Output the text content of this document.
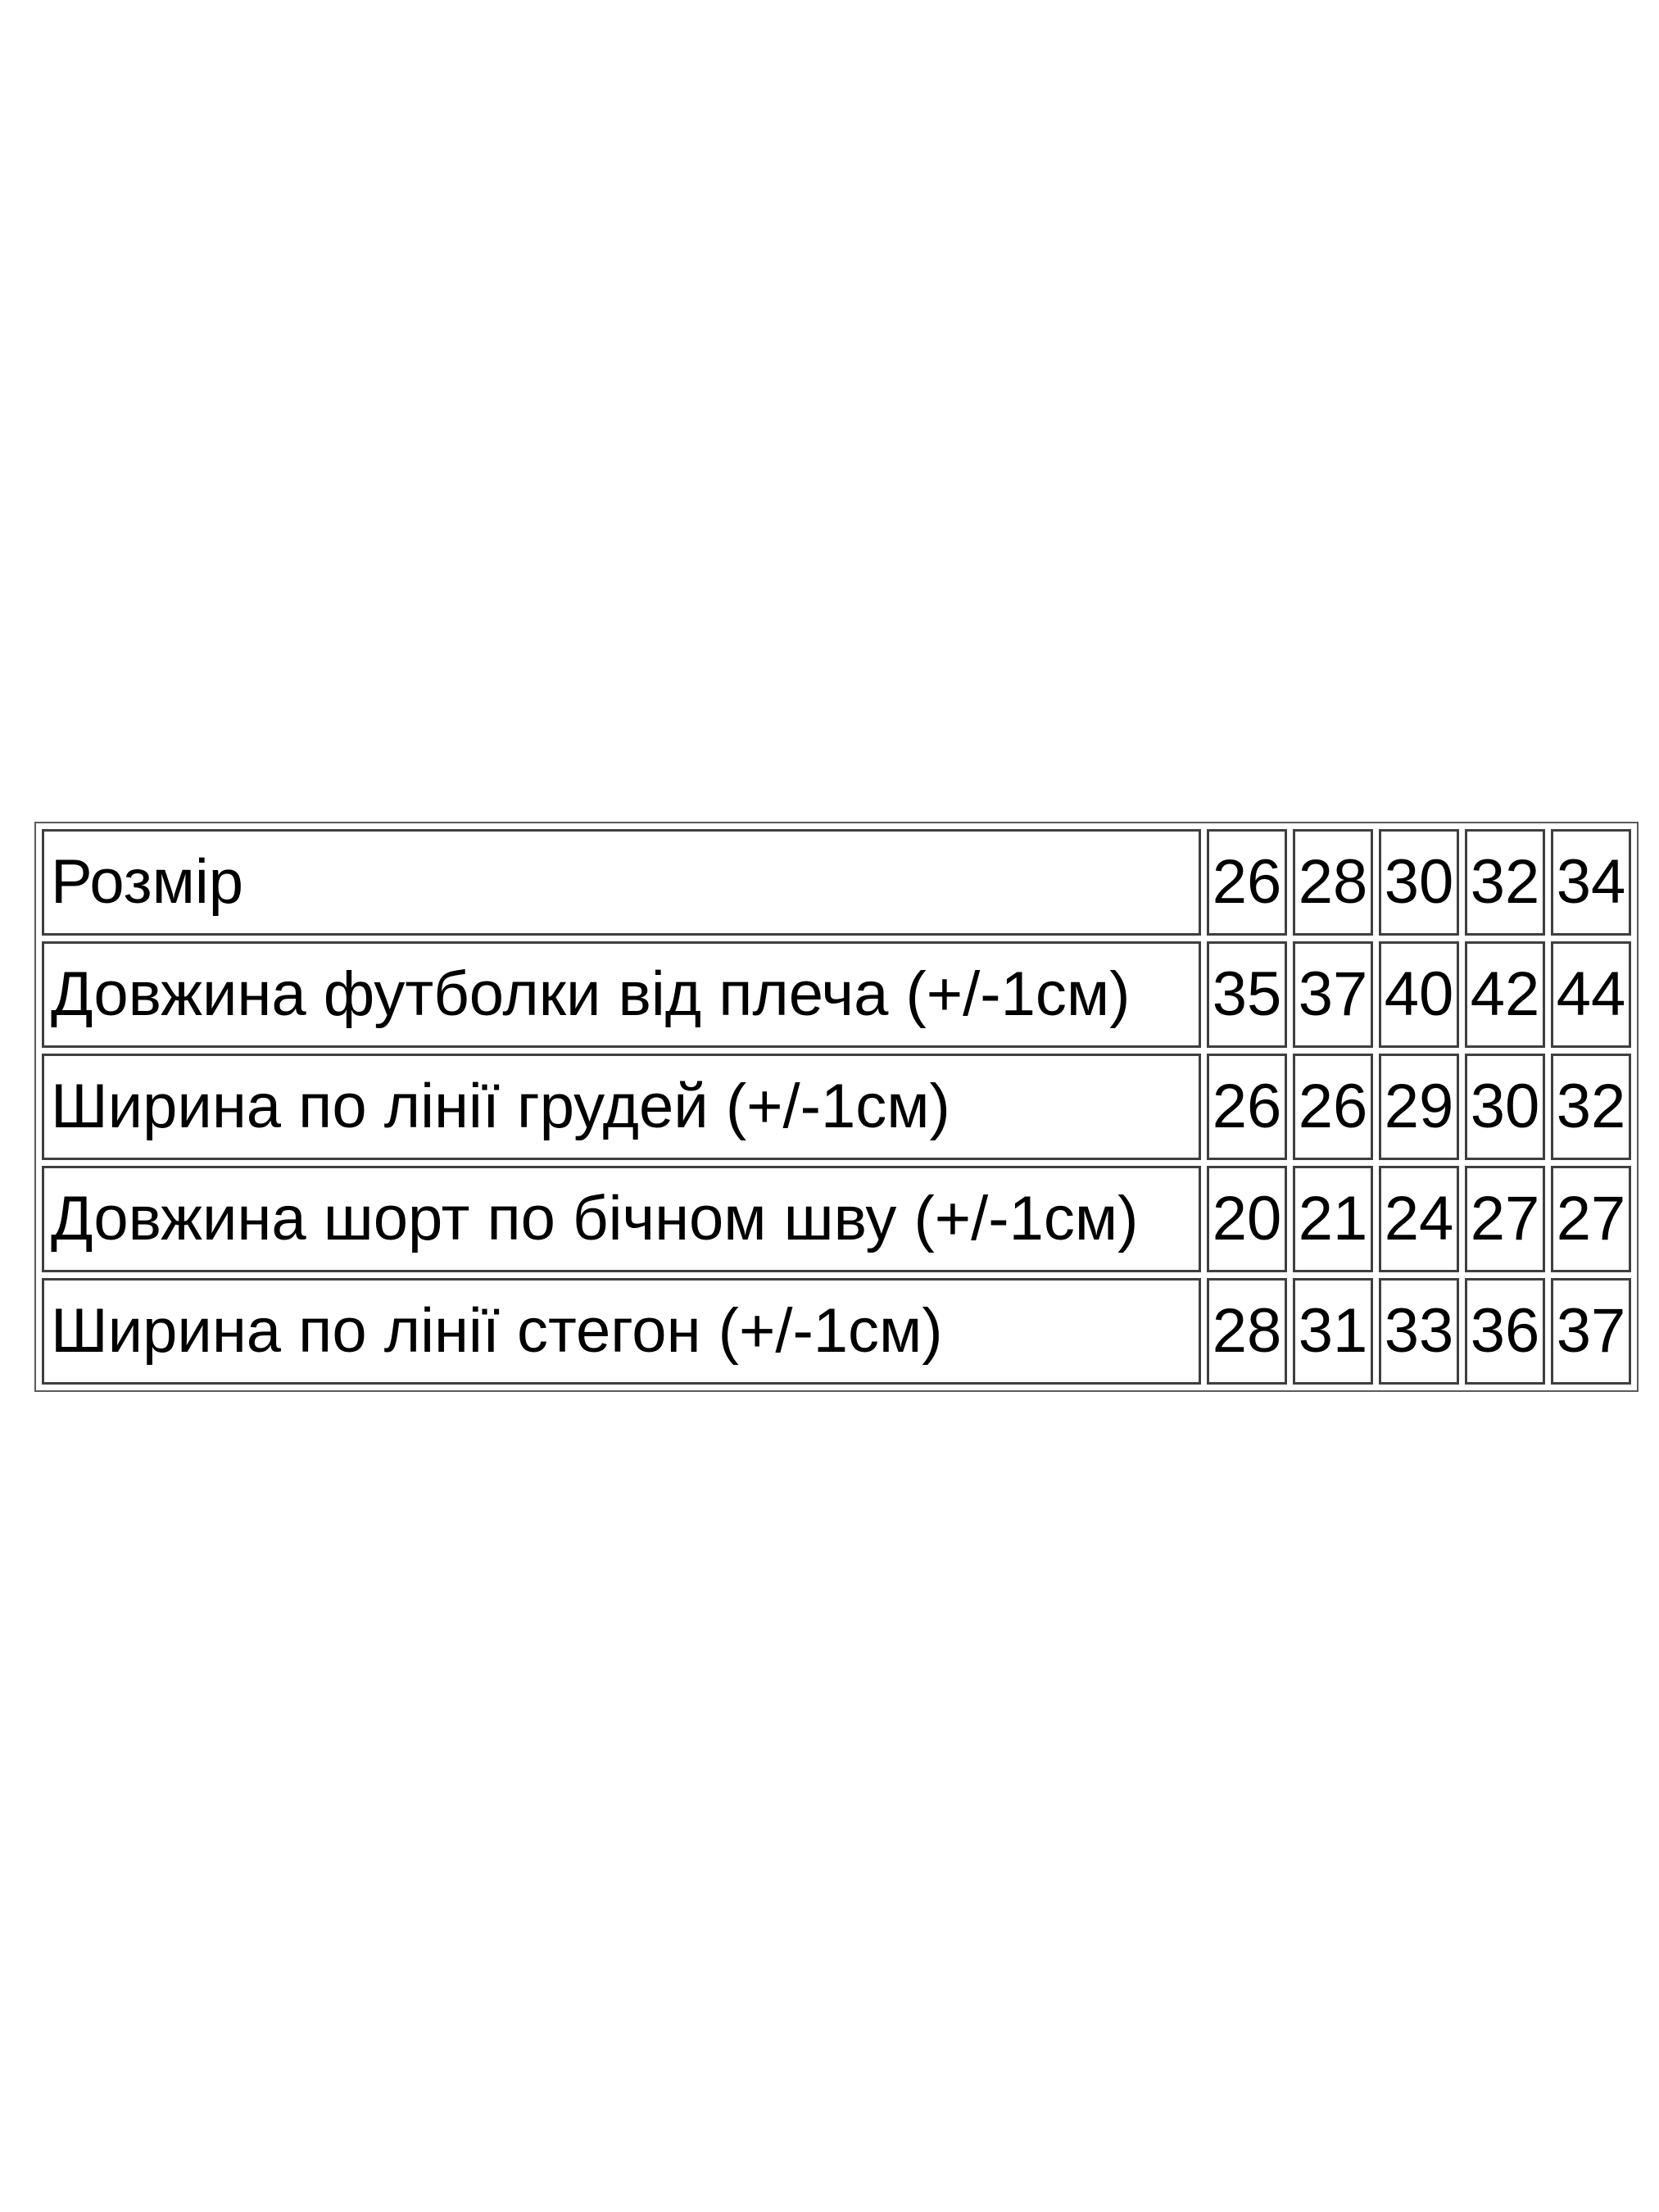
Розмір	26	28	30	32	34
Довжина футболки від плеча (+/-1см)	35	37	40	42	44
Ширина по лінії грудей (+/-1см)	26	26	29	30	32
Довжина шорт по бічном шву (+/-1см)	20	21	24	27	27
Ширина по лінії стегон (+/-1см)	28	31	33	36	37
